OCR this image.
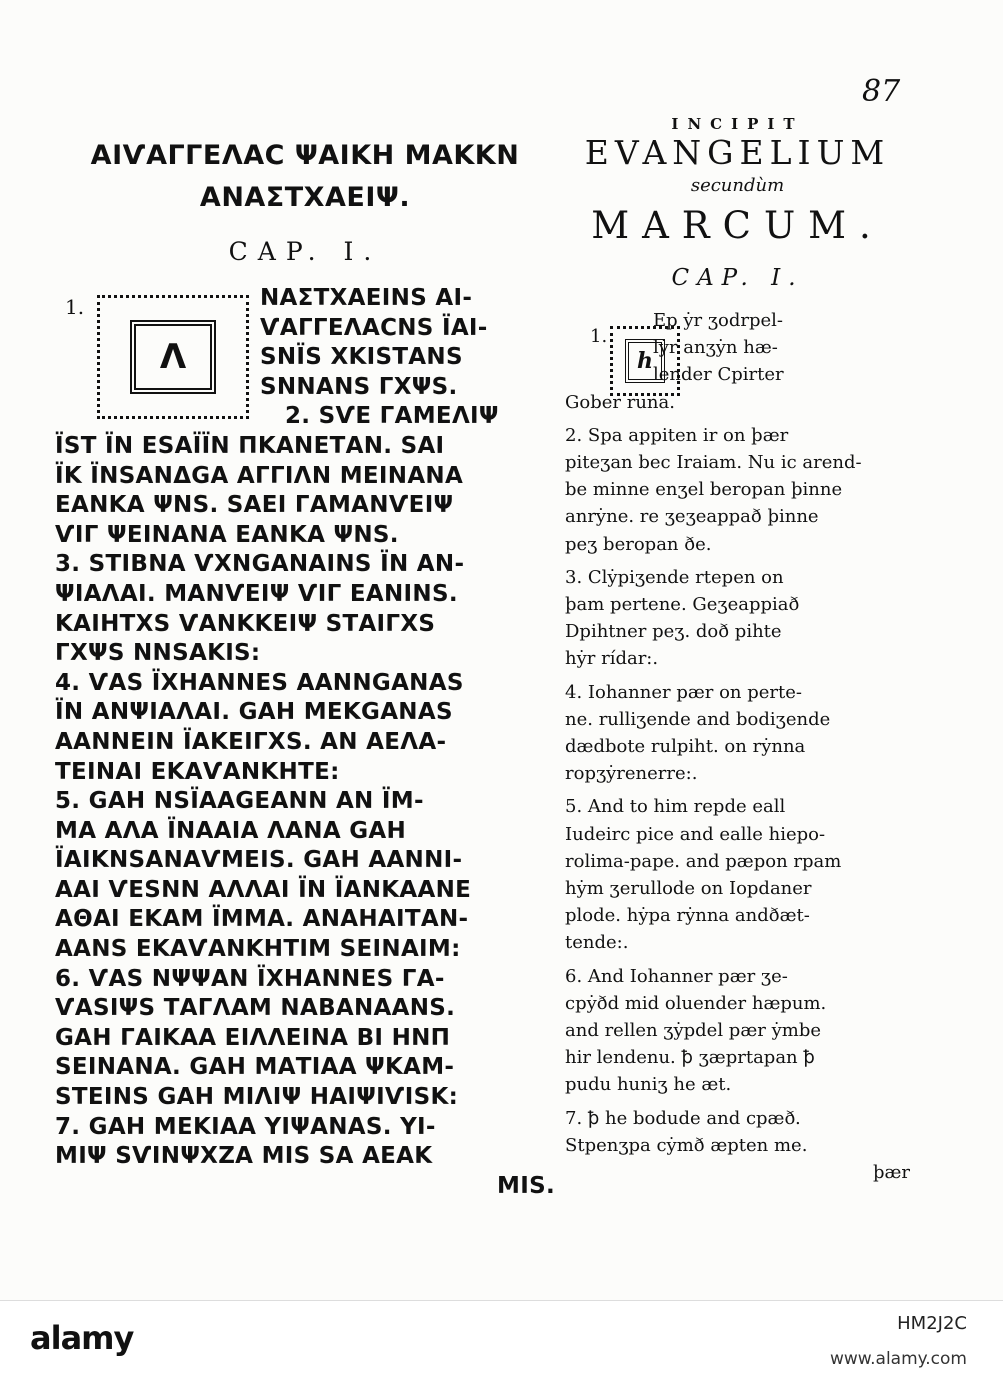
87
ΑΙѴΑΓΓΕΛΑϹ ΨΑΙΚΗ ΜΑΚΚΝ
ΑΝΑΣΤΧΑΕΙΨ.
CAP. I.
1.
Λ
ΝΑΣΤΧΑΕΙΝS ΑΙ-
ѴΑΓΓΕΛΑϹΝS ΪΑΙ-
SΝΪS ΧΚΙSΤΑΝS
SΝΝΑΝS ΓΧΨS.
2. SѴΕ ΓΑΜΕΛΙΨ
ΪST ΪΝ ΕSΑΪΪΝ ΠΚΑΝΕΤΑΝ. SΑΙ
ΪΚ ΪΝSΑΝΔGΑ ΑΓΓΙΛΝ ΜΕΙΝΑΝΑ
ΕΑΝΚΑ ΨΝS. SΑΕΙ ΓΑΜΑΝѴΕΙΨ
ѴΙΓ ΨΕΙΝΑΝΑ ΕΑΝΚΑ ΨΝS.
3. SΤΙΒΝΑ ѴΧΝGΑΝΑΙΝS ΪΝ ΑΝ-
ΨΙΑΛΑΙ. ΜΑΝѴΕΙΨ ѴΙΓ ΕΑΝΙΝS.
ΚΑΙΗΤΧS ѴΑΝΚΚΕΙΨ SΤΑΙΓΧS
ΓΧΨS ΝΝSΑΚΙS:
4. ѴΑS ΪΧΗΑΝΝΕS ΑΑΝΝGΑΝΑS
ΪΝ ΑΝΨΙΑΛΑΙ. GΑΗ ΜΕΚGΑΝΑS
ΑΑΝΝΕΙΝ ΪΑΚΕΙΓΧS. ΑΝ ΑΕΛΑ-
ΤΕΙΝΑΙ ΕΚΑѴΑΝΚΗΤΕ:
5. GΑΗ ΝSΪΑΑGΕΑΝΝ ΑΝ ΪΜ-
ΜΑ ΑΛΑ ΪΝΑΑΙΑ ΛΑΝΑ GΑΗ
ΪΑΙΚΝSΑΝΑѴΜΕΙS. GΑΗ ΑΑΝΝΙ-
ΑΑΙ ѴΕSΝΝ ΑΛΛΑΙ ΪΝ ΪΑΝΚΑΑΝΕ
ΑΘΑΙ ΕΚΑΜ ΪΜΜΑ. ΑΝΑΗΑΙΤΑΝ-
ΑΑΝS ΕΚΑѴΑΝΚΗΤΙΜ SΕΙΝΑΙΜ:
6. ѴΑS ΝΨΨΑΝ ΪΧΗΑΝΝΕS ΓΑ-
ѴΑSΙΨS ΤΑΓΛΑΜ ΝΑΒΑΝΑΑΝS.
GΑΗ ΓΑΙΚΑΑ ΕΙΛΛΕΙΝΑ ΒΙ ΗΝΠ
SΕΙΝΑΝΑ. GΑΗ ΜΑΤΙΑΑ ΨΚΑΜ-
SΤΕΙΝS GΑΗ ΜΙΛΙΨ ΗΑΙΨΙѴΙSΚ:
7. GΑΗ ΜΕΚΙΑΑ ΥΙΨΑΝΑS. ΥΙ-
ΜΙΨ SѴΙΝΨΧΖΑ ΜΙS SΑ ΑΕΑΚ
ΜΙS.
INCIPIT
EVANGELIUM
secundùm
MARCUM.
CAP. I.
1.
h
Ep ẏr ʒodrpel-
lẏr anʒẏn hæ-
lender Cpirter
Gober runa.
2. Spa appiten ir on þær
piteʒan bec Iraiam. Nu ic arend-
be minne enʒel beropan þinne
anrẏne. re ʒeʒeappað þinne
peʒ beropan ðe.
3. Clẏpiʒende rtepen on
þam pertene. Geʒeappiað
Dpihtner peʒ. doð pihte
hẏr rídar:.
4. Iohanner pær on perte-
ne. rulliʒende and bodiʒende
dædbote rulpiht. on rẏnna
ropʒẏrenerre:.
5. And to him repde eall
Iudeirc pice and ealle hiepo-
rolima-pape. and pæpon rpam
hẏm ʒerullode on Iopdaner
plode. hẏpa rẏnna andðæt-
tende:.
6. And Iohanner pær ʒe-
cpẏðd mid oluender hæpum.
and rellen ʒẏpdel pær ẏmbe
hir lendenu. ꝥ ʒæprtapan ꝥ
pudu huniʒ he æt.
7. ꝥ he bodude and cpæð.
Stpenʒpa cẏmð æpten me.
þær
alamy	HM2J2C
www.alamy.com
